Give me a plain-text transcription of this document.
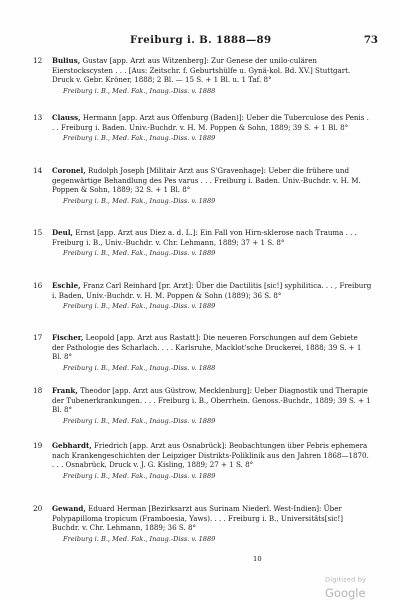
Freiburg i. B. 1888—89	73
12 Bulius, Gustav [app. Arzt aus Witzenberg]: Zur Genese der unilo-culären Eierstockscysten . . . [Aus: Zeitschr. f. Geburtshülfe u. Gynä-kol. Bd. XV.] Stuttgart. Druck v. Gebr. Kröner, 1888; 2 Bl. — 15 S. + 1 Bl. u. 1 Taf. 8°

Freiburg i. B., Med. Fak., Inaug.-Diss. v. 1888
13 Clauss, Hermann [app. Arzt aus Offenburg (Baden)]: Ueber die Tuberculose des Penis . . . Freiburg i. Baden. Univ.-Buchdr. v. H. M. Poppen & Sohn, 1889; 39 S. + 1 Bl. 8°

Freiburg i. B., Med. Fak., Inaug.-Diss. v. 1889
14 Coronel, Rudolph Joseph [Militair Arzt aus S'Gravenhage]: Ueber die frühere und gegenwärtige Behandlung des Pes varus . . . Freiburg i. Baden. Univ.-Buchdr. v. H. M. Poppen & Sohn, 1889; 32 S. + 1 Bl. 8°

Freiburg i. B., Med. Fak., Inaug.-Diss. v. 1889
15 Deul, Ernst [app. Arzt aus Diez a. d. L.]: Ein Fall von Hirn-sklerose nach Trauma . . . Freiburg i. B., Univ.-Buchdr. v. Chr. Lehmann, 1889; 37 + 1 S. 8°

Freiburg i. B., Med. Fak., Inaug.-Diss. v. 1889
16 Eschle, Franz Carl Reinhard [pr. Arzt]: Über die Dactilitis [sic!] syphilitica. . . , Freiburg i. Baden, Univ.-Buchdr. v. H. M. Poppen & Sohn (1889); 36 S. 8°

Freiburg i. B., Med. Fak., Inaug.-Diss. v. 1889
17 Fischer, Leopold [app. Arzt aus Rastatt]: Die neueren Forschungen auf dem Gebiete der Pathologie des Scharlach. . . . Karlsruhe, Macklot'sche Druckerei, 1888; 39 S. + 1 Bl. 8°

Freiburg i. B., Med. Fak., Inaug.-Diss. v. 1888
18 Frank, Theodor [app. Arzt aus Güstrow, Mecklenburg]: Ueber Diagnostik und Therapie der Tubenerkrankungen. . . . Freiburg i. B., Oberrhein. Genoss.-Buchdr., 1889; 39 S. + 1 Bl. 8°

Freiburg i. B., Med. Fak., Inaug.-Diss. v. 1889
19 Gebhardt, Friedrich [app. Arzt aus Osnabrück]: Beobachtungen über Febris ephemera nach Krankengeschichten der Leipziger Distrikts-Poliklinik aus den Jahren 1868—1870. . . . Osnabrück, Druck v. J. G. Kisling, 1889; 27 + 1 S. 8°

Freiburg i. B., Med. Fak., Inaug.-Diss. v. 1889
20 Gewand, Eduard Herman [Bezirksarzt aus Surinam Niederl. West-Indien]: Über Polypapilloma tropicum (Framboesia, Yaws). . . . Freiburg i. B., Universitäts[sic!] Buchdr. v. Chr. Lehmann, 1889; 36 S. 8°

Freiburg i. B., Med. Fak., Inaug.-Diss. v. 1889
10
Digitized by Google
